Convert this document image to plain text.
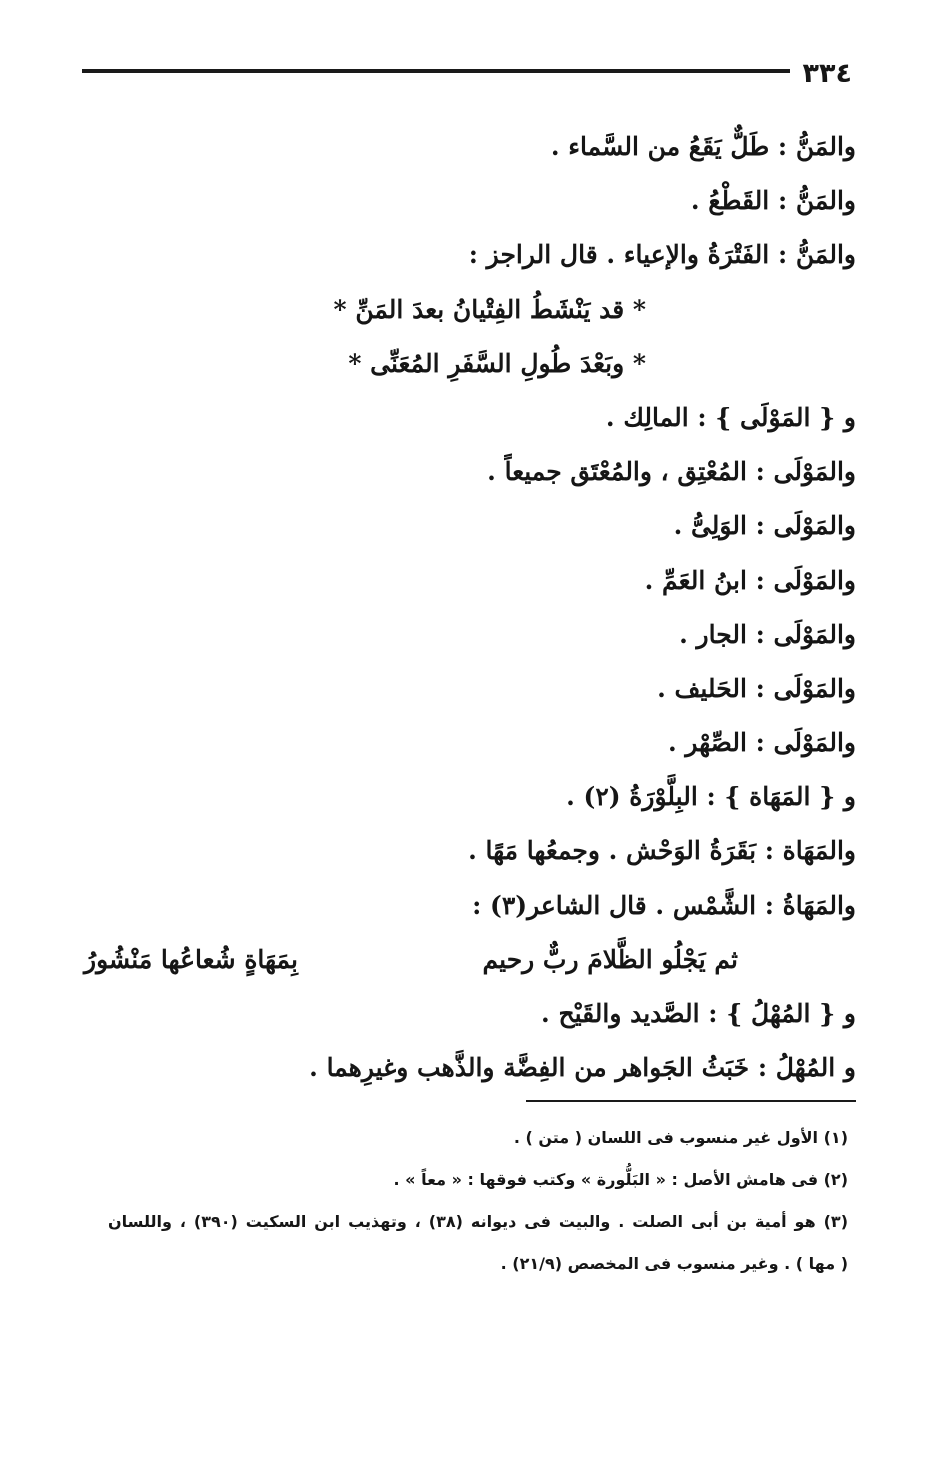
٣٣٤
والمَنُّ : طَلٌّ يَقَعُ من السَّماء .
والمَنُّ : القَطْعُ .
والمَنُّ : الفَتْرَةُ والإعياء . قال الراجز :
* قد يَنْشَطُ الفِتْيانُ بعدَ المَنِّ *
* وبَعْدَ طُولِ السَّفَرِ المُعَنِّى *
و { المَوْلَى } : المالِك .
والمَوْلَى : المُعْتِق ، والمُعْتَق جميعاً .
والمَوْلَى : الوَلِىُّ .
والمَوْلَى : ابنُ العَمِّ .
والمَوْلَى : الجار .
والمَوْلَى : الحَليف .
والمَوْلَى : الصِّهْر .
و { المَهَاة } : البِلَّوْرَةُ (٢) .
والمَهَاة : بَقَرَةُ الوَحْش . وجمعُها مَهًا .
والمَهَاةُ : الشَّمْس . قال الشاعر(٣) :
ثم يَجْلُو الظَّلامَ ربٌّ رحيم
بِمَهَاةٍ شُعاعُها مَنْشُورُ
و { المُهْلُ } : الصَّديد والقَيْح .
و المُهْلُ : خَبَثُ الجَواهر من الفِضَّة والذَّهب وغيرِهما .
(١) الأول غير منسوب فى اللسان ( متن ) .
(٢) فى هامش الأصل : « البَلُّورة » وكتب فوقها : « معاً » .
(٣) هو أمية بن أبى الصلت . والبيت فى ديوانه (٣٨) ، وتهذيب ابن السكيت (٣٩٠) ، واللسان
( مها ) . وغير منسوب فى المخصص (٢١/٩) .
